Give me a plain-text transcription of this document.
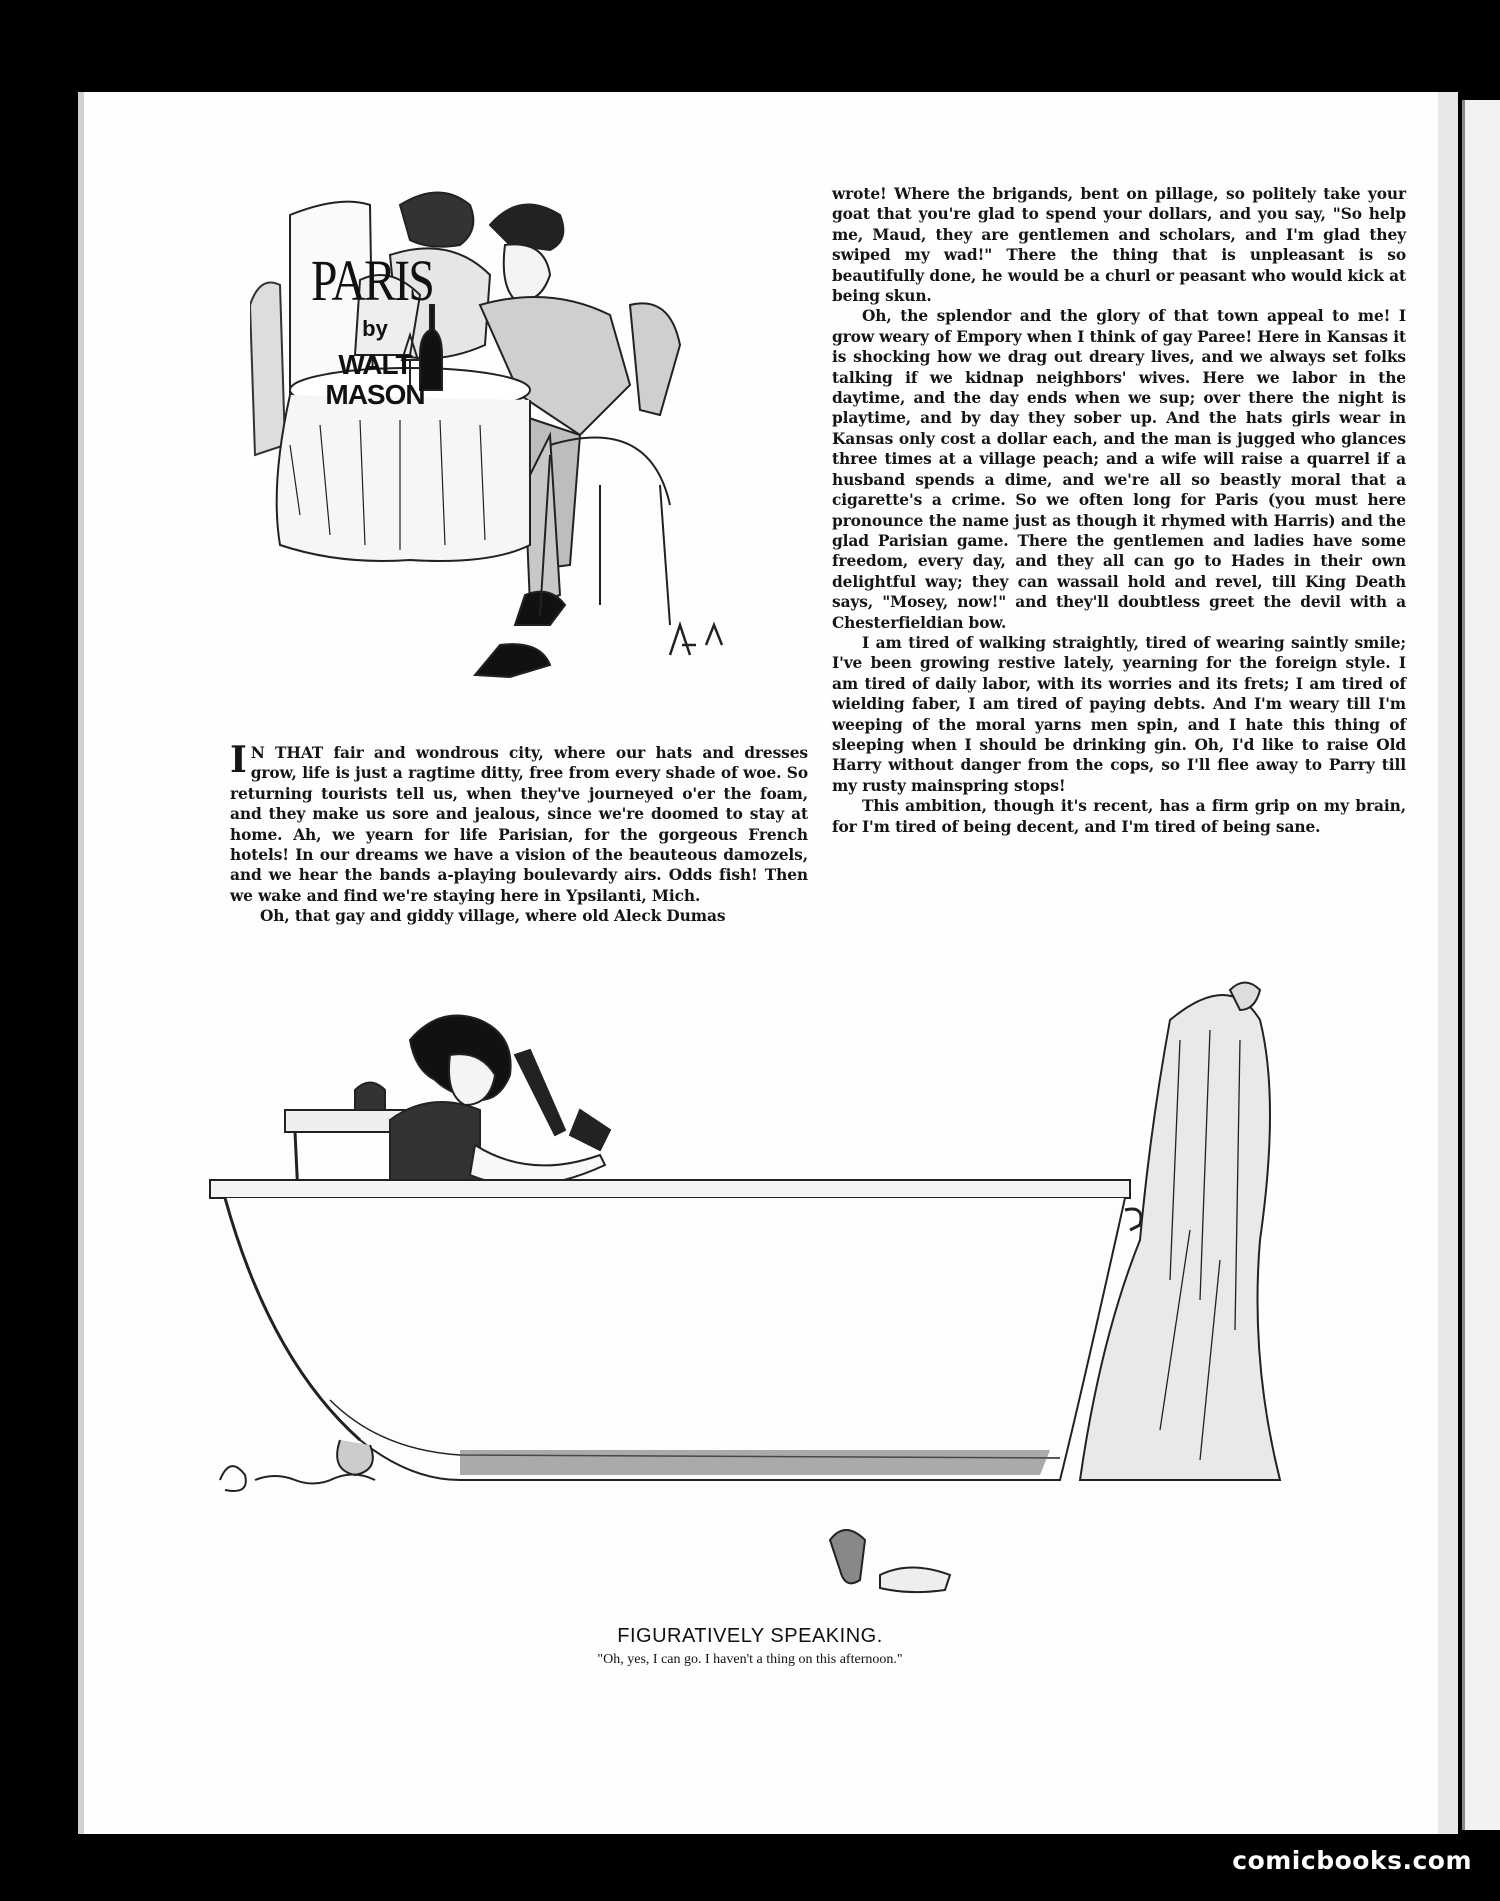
PARIS
by
WALT MASON

I N THAT fair and wondrous city, where our hats and dresses grow, life is just a ragtime ditty, free from every shade of woe. So returning tourists tell us, when they've journeyed o'er the foam, and they make us sore and jealous, since we're doomed to stay at home. Ah, we yearn for life Parisian, for the gorgeous French hotels! In our dreams we have a vision of the beauteous damozels, and we hear the bands a-playing boulevardy airs. Odds fish! Then we wake and find we're staying here in Ypsilanti, Mich.

Oh, that gay and giddy village, where old Aleck Dumas

wrote! Where the brigands, bent on pillage, so politely take your goat that you're glad to spend your dollars, and you say, "So help me, Maud, they are gentlemen and scholars, and I'm glad they swiped my wad!" There the thing that is unpleasant is so beautifully done, he would be a churl or peasant who would kick at being skun.

Oh, the splendor and the glory of that town appeal to me! I grow weary of Empory when I think of gay Paree! Here in Kansas it is shocking how we drag out dreary lives, and we always set folks talking if we kidnap neighbors' wives. Here we labor in the daytime, and the day ends when we sup; over there the night is playtime, and by day they sober up. And the hats girls wear in Kansas only cost a dollar each, and the man is jugged who glances three times at a village peach; and a wife will raise a quarrel if a husband spends a dime, and we're all so beastly moral that a cigarette's a crime. So we often long for Paris (you must here pronounce the name just as though it rhymed with Harris) and the glad Parisian game. There the gentlemen and ladies have some freedom, every day, and they all can go to Hades in their own delightful way; they can wassail hold and revel, till King Death says, "Mosey, now!" and they'll doubtless greet the devil with a Chesterfieldian bow.

I am tired of walking straightly, tired of wearing saintly smile; I've been growing restive lately, yearning for the foreign style. I am tired of daily labor, with its worries and its frets; I am tired of wielding faber, I am tired of paying debts. And I'm weary till I'm weeping of the moral yarns men spin, and I hate this thing of sleeping when I should be drinking gin. Oh, I'd like to raise Old Harry without danger from the cops, so I'll flee away to Parry till my rusty mainspring stops!

This ambition, though it's recent, has a firm grip on my brain, for I'm tired of being decent, and I'm tired of being sane.

FIGURATIVELY SPEAKING.
"Oh, yes, I can go. I haven't a thing on this afternoon."
comicbooks.com
